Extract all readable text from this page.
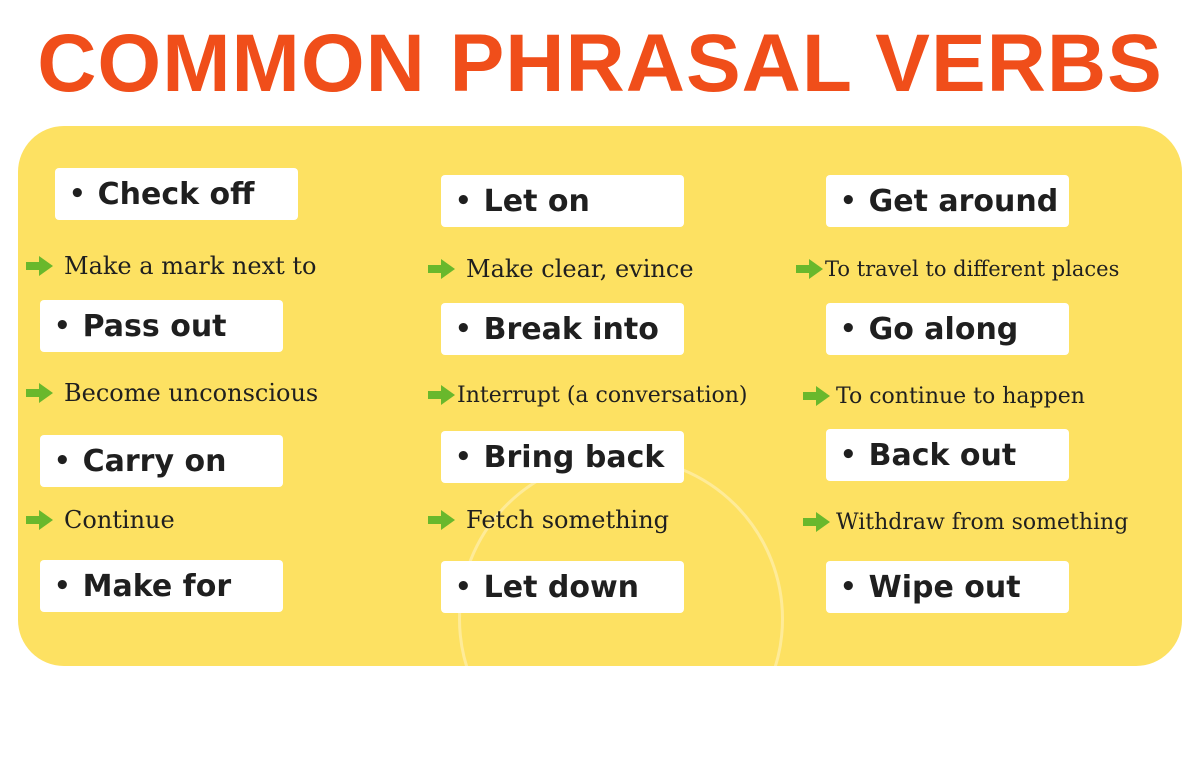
COMMON PHRASAL VERBS
• Check off
Make a mark next to
• Pass out
Become unconscious
• Carry on
Continue
• Make for
• Let on
Make clear, evince
• Break into
Interrupt (a conversation)
• Bring back
Fetch something
• Let down
• Get around
To travel to different places
• Go along
To continue to happen
• Back out
Withdraw from something
• Wipe out
